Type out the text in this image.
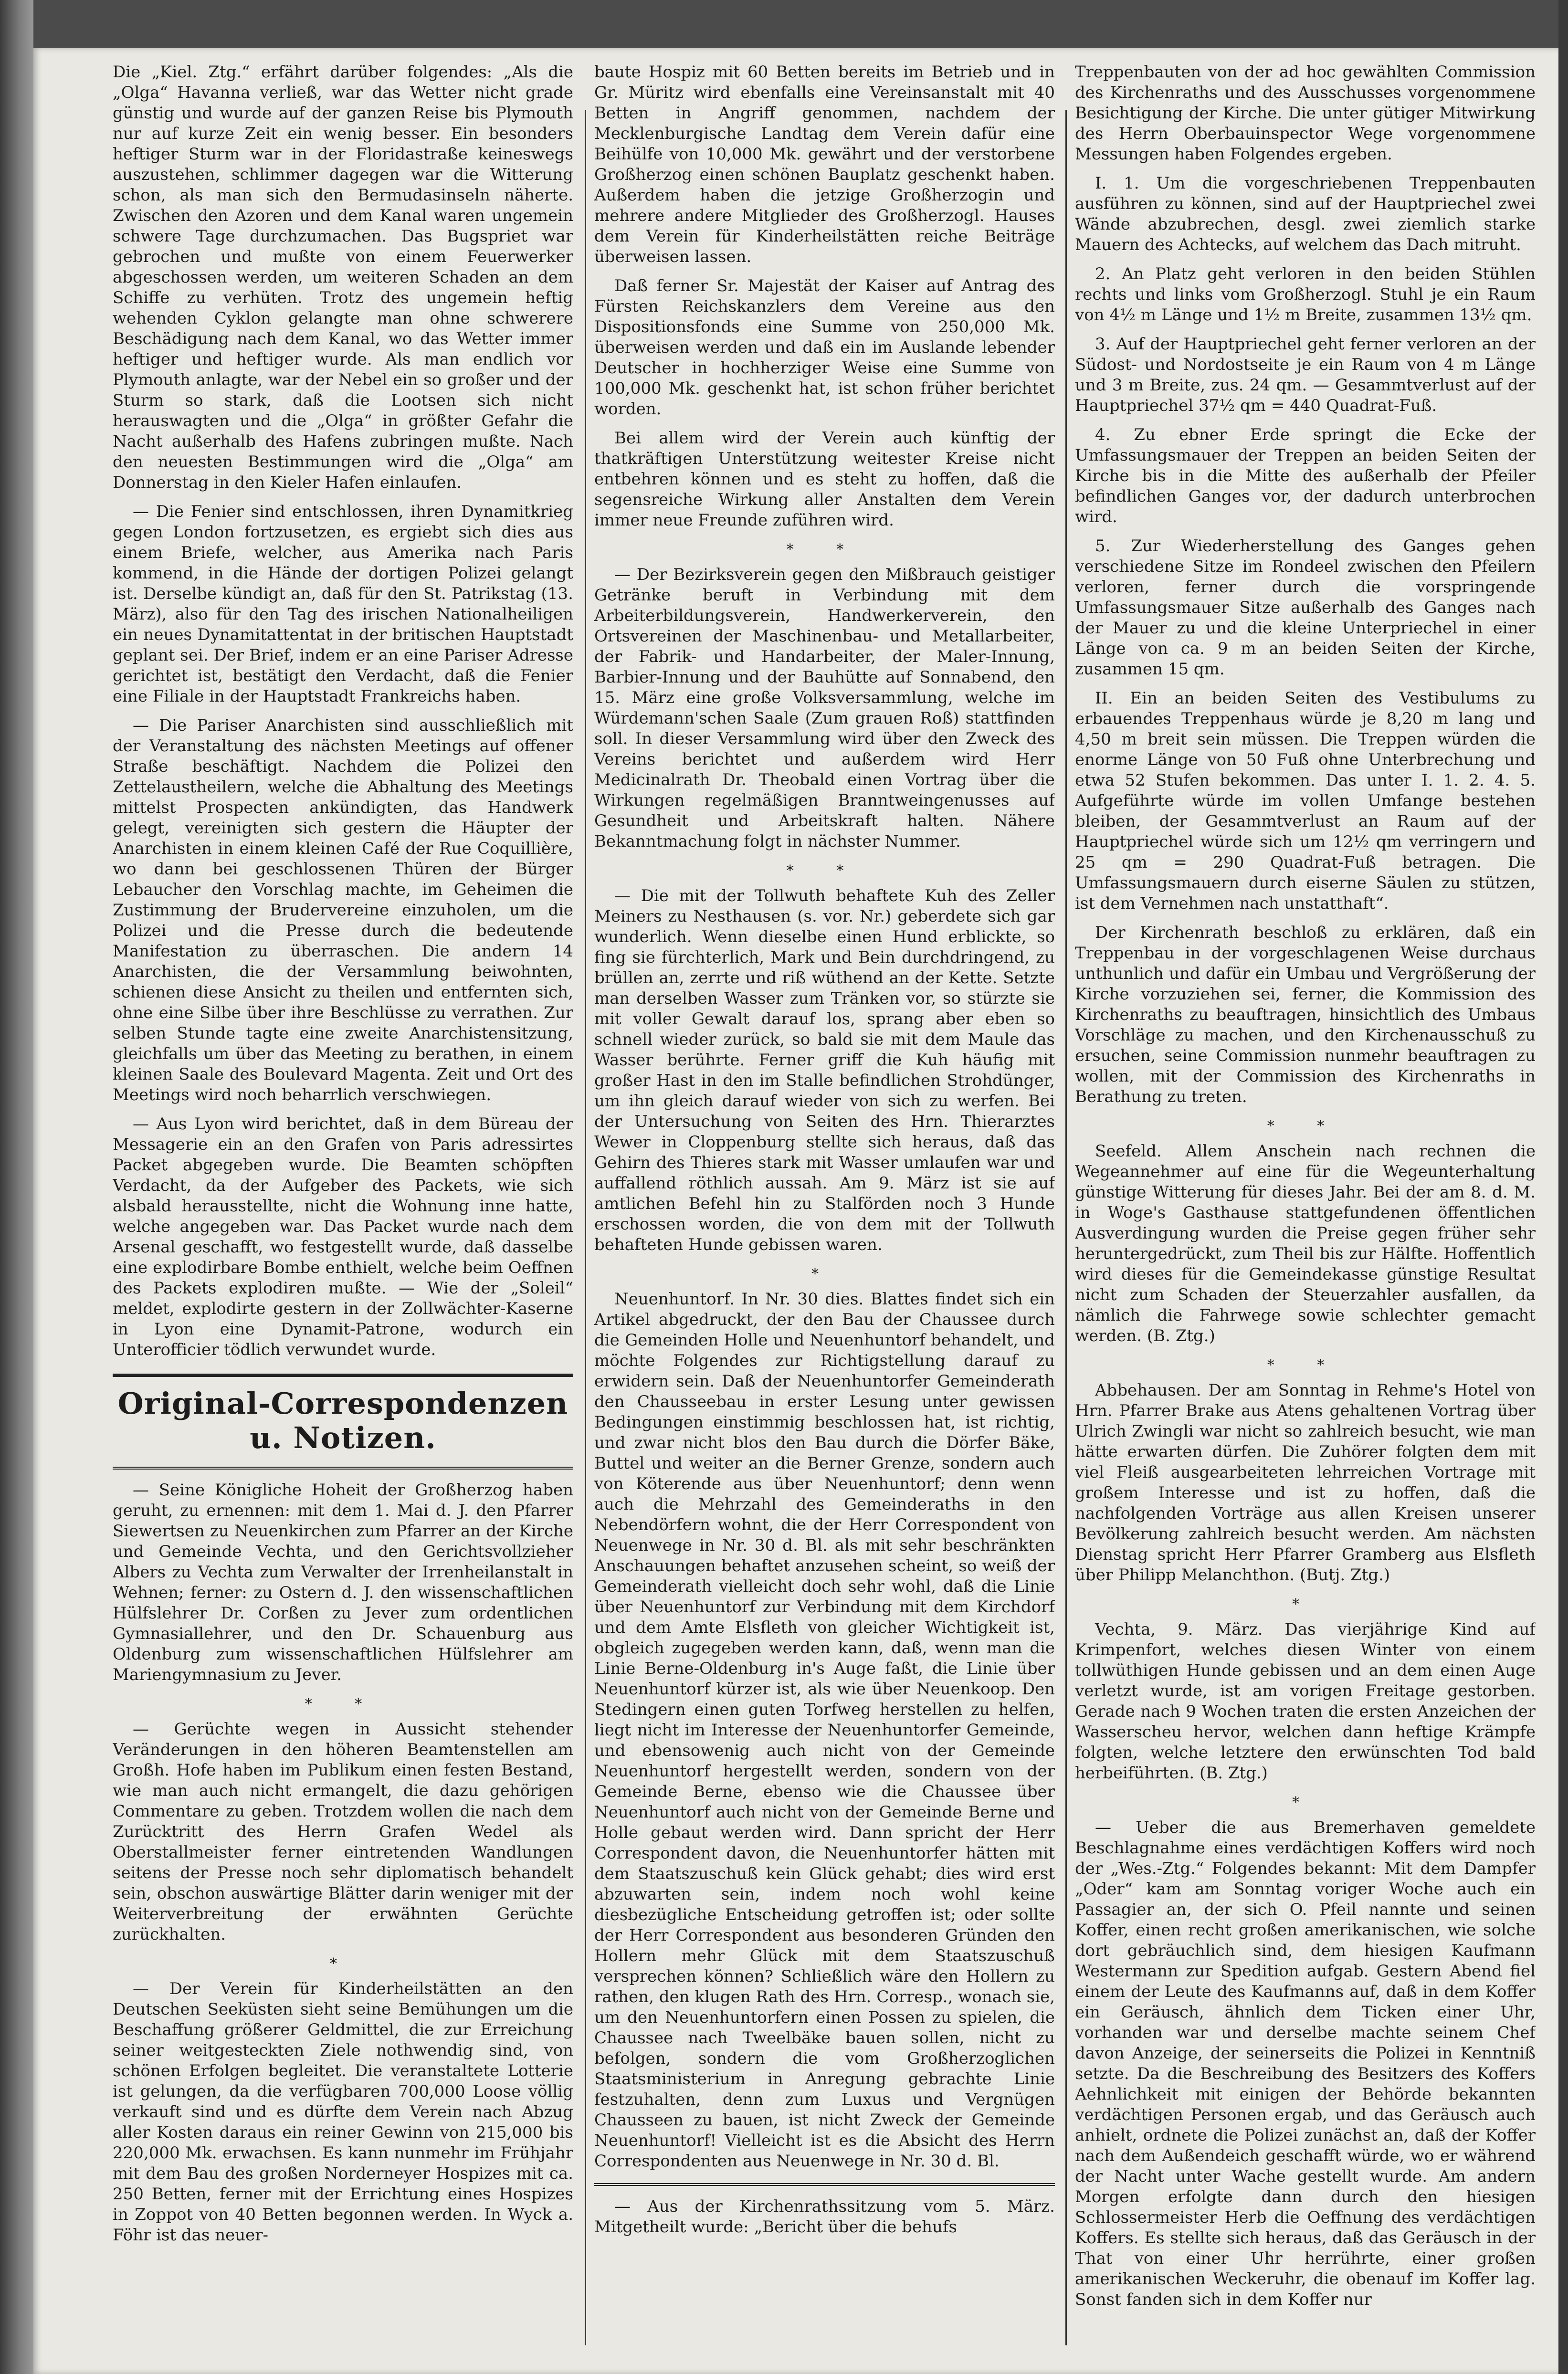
Die „Kiel. Ztg.“ erfährt darüber folgendes: „Als die „Olga“ Havanna verließ, war das Wetter nicht grade günstig und wurde auf der ganzen Reise bis Plymouth nur auf kurze Zeit ein wenig besser. Ein besonders heftiger Sturm war in der Floridastraße keineswegs auszustehen, schlimmer dagegen war die Witterung schon, als man sich den Bermudasinseln näherte. Zwischen den Azoren und dem Kanal waren ungemein schwere Tage durchzumachen. Das Bugspriet war gebrochen und mußte von einem Feuerwerker abgeschossen werden, um weiteren Schaden an dem Schiffe zu verhüten. Trotz des ungemein heftig wehenden Cyklon gelangte man ohne schwerere Beschädigung nach dem Kanal, wo das Wetter immer heftiger und heftiger wurde. Als man endlich vor Plymouth anlagte, war der Nebel ein so großer und der Sturm so stark, daß die Lootsen sich nicht herauswagten und die „Olga“ in größter Gefahr die Nacht außerhalb des Hafens zubringen mußte. Nach den neuesten Bestimmungen wird die „Olga“ am Donnerstag in den Kieler Hafen einlaufen.

— Die Fenier sind entschlossen, ihren Dynamitkrieg gegen London fortzusetzen, es ergiebt sich dies aus einem Briefe, welcher, aus Amerika nach Paris kommend, in die Hände der dortigen Polizei gelangt ist. Derselbe kündigt an, daß für den St. Patrikstag (13. März), also für den Tag des irischen Nationalheiligen ein neues Dynamitattentat in der britischen Hauptstadt geplant sei. Der Brief, indem er an eine Pariser Adresse gerichtet ist, bestätigt den Verdacht, daß die Fenier eine Filiale in der Hauptstadt Frankreichs haben.

— Die Pariser Anarchisten sind ausschließlich mit der Veranstaltung des nächsten Meetings auf offener Straße beschäftigt. Nachdem die Polizei den Zettelaustheilern, welche die Abhaltung des Meetings mittelst Prospecten ankündigten, das Handwerk gelegt, vereinigten sich gestern die Häupter der Anarchisten in einem kleinen Café der Rue Coquillière, wo dann bei geschlossenen Thüren der Bürger Lebaucher den Vorschlag machte, im Geheimen die Zustimmung der Brudervereine einzuholen, um die Polizei und die Presse durch die bedeutende Manifestation zu überraschen. Die andern 14 Anarchisten, die der Versammlung beiwohnten, schienen diese Ansicht zu theilen und entfernten sich, ohne eine Silbe über ihre Beschlüsse zu verrathen. Zur selben Stunde tagte eine zweite Anarchistensitzung, gleichfalls um über das Meeting zu berathen, in einem kleinen Saale des Boulevard Magenta. Zeit und Ort des Meetings wird noch beharrlich verschwiegen.

— Aus Lyon wird berichtet, daß in dem Büreau der Messagerie ein an den Grafen von Paris adressirtes Packet abgegeben wurde. Die Beamten schöpften Verdacht, da der Aufgeber des Packets, wie sich alsbald herausstellte, nicht die Wohnung inne hatte, welche angegeben war. Das Packet wurde nach dem Arsenal geschafft, wo festgestellt wurde, daß dasselbe eine explodirbare Bombe enthielt, welche beim Oeffnen des Packets explodiren mußte. — Wie der „Soleil“ meldet, explodirte gestern in der Zollwächter-Kaserne in Lyon eine Dynamit-Patrone, wodurch ein Unterofficier tödlich verwundet wurde.

Original-Correspondenzen u. Notizen.

— Seine Königliche Hoheit der Großherzog haben geruht, zu ernennen: mit dem 1. Mai d. J. den Pfarrer Siewertsen zu Neuenkirchen zum Pfarrer an der Kirche und Gemeinde Vechta, und den Gerichtsvollzieher Albers zu Vechta zum Verwalter der Irrenheilanstalt in Wehnen; ferner: zu Ostern d. J. den wissenschaftlichen Hülfslehrer Dr. Corßen zu Jever zum ordentlichen Gymnasiallehrer, und den Dr. Schauenburg aus Oldenburg zum wissenschaftlichen Hülfslehrer am Mariengymnasium zu Jever.

* *

— Gerüchte wegen in Aussicht stehender Veränderungen in den höheren Beamtenstellen am Großh. Hofe haben im Publikum einen festen Bestand, wie man auch nicht ermangelt, die dazu gehörigen Commentare zu geben. Trotzdem wollen die nach dem Zurücktritt des Herrn Grafen Wedel als Oberstallmeister ferner eintretenden Wandlungen seitens der Presse noch sehr diplomatisch behandelt sein, obschon auswärtige Blätter darin weniger mit der Weiterverbreitung der erwähnten Gerüchte zurückhalten.

*

— Der Verein für Kinderheilstätten an den Deutschen Seeküsten sieht seine Bemühungen um die Beschaffung größerer Geldmittel, die zur Erreichung seiner weitgesteckten Ziele nothwendig sind, von schönen Erfolgen begleitet. Die veranstaltete Lotterie ist gelungen, da die verfügbaren 700,000 Loose völlig verkauft sind und es dürfte dem Verein nach Abzug aller Kosten daraus ein reiner Gewinn von 215,000 bis 220,000 Mk. erwachsen. Es kann nunmehr im Frühjahr mit dem Bau des großen Norderneyer Hospizes mit ca. 250 Betten, ferner mit der Errichtung eines Hospizes in Zoppot von 40 Betten begonnen werden. In Wyck a. Föhr ist das neuer-

baute Hospiz mit 60 Betten bereits im Betrieb und in Gr. Müritz wird ebenfalls eine Vereinsanstalt mit 40 Betten in Angriff genommen, nachdem der Mecklenburgische Landtag dem Verein dafür eine Beihülfe von 10,000 Mk. gewährt und der verstorbene Großherzog einen schönen Bauplatz geschenkt haben. Außerdem haben die jetzige Großherzogin und mehrere andere Mitglieder des Großherzogl. Hauses dem Verein für Kinderheilstätten reiche Beiträge überweisen lassen.

Daß ferner Sr. Majestät der Kaiser auf Antrag des Fürsten Reichskanzlers dem Vereine aus den Dispositionsfonds eine Summe von 250,000 Mk. überweisen werden und daß ein im Auslande lebender Deutscher in hochherziger Weise eine Summe von 100,000 Mk. geschenkt hat, ist schon früher berichtet worden.

Bei allem wird der Verein auch künftig der thatkräftigen Unterstützung weitester Kreise nicht entbehren können und es steht zu hoffen, daß die segensreiche Wirkung aller Anstalten dem Verein immer neue Freunde zuführen wird.

* *

— Der Bezirksverein gegen den Mißbrauch geistiger Getränke beruft in Verbindung mit dem Arbeiterbildungsverein, Handwerkerverein, den Ortsvereinen der Maschinenbau- und Metallarbeiter, der Fabrik- und Handarbeiter, der Maler-Innung, Barbier-Innung und der Bauhütte auf Sonnabend, den 15. März eine große Volksversammlung, welche im Würdemann'schen Saale (Zum grauen Roß) stattfinden soll. In dieser Versammlung wird über den Zweck des Vereins berichtet und außerdem wird Herr Medicinalrath Dr. Theobald einen Vortrag über die Wirkungen regelmäßigen Branntweingenusses auf Gesundheit und Arbeitskraft halten. Nähere Bekanntmachung folgt in nächster Nummer.

* *

— Die mit der Tollwuth behaftete Kuh des Zeller Meiners zu Nesthausen (s. vor. Nr.) geberdete sich gar wunderlich. Wenn dieselbe einen Hund erblickte, so fing sie fürchterlich, Mark und Bein durchdringend, zu brüllen an, zerrte und riß wüthend an der Kette. Setzte man derselben Wasser zum Tränken vor, so stürzte sie mit voller Gewalt darauf los, sprang aber eben so schnell wieder zurück, so bald sie mit dem Maule das Wasser berührte. Ferner griff die Kuh häufig mit großer Hast in den im Stalle befindlichen Strohdünger, um ihn gleich darauf wieder von sich zu werfen. Bei der Untersuchung von Seiten des Hrn. Thierarztes Wewer in Cloppenburg stellte sich heraus, daß das Gehirn des Thieres stark mit Wasser umlaufen war und auffallend röthlich aussah. Am 9. März ist sie auf amtlichen Befehl hin zu Stalförden noch 3 Hunde erschossen worden, die von dem mit der Tollwuth behafteten Hunde gebissen waren.

*

Neuenhuntorf. In Nr. 30 dies. Blattes findet sich ein Artikel abgedruckt, der den Bau der Chaussee durch die Gemeinden Holle und Neuenhuntorf behandelt, und möchte Folgendes zur Richtigstellung darauf zu erwidern sein. Daß der Neuenhuntorfer Gemeinderath den Chausseebau in erster Lesung unter gewissen Bedingungen einstimmig beschlossen hat, ist richtig, und zwar nicht blos den Bau durch die Dörfer Bäke, Buttel und weiter an die Berner Grenze, sondern auch von Köterende aus über Neuenhuntorf; denn wenn auch die Mehrzahl des Gemeinderaths in den Nebendörfern wohnt, die der Herr Correspondent von Neuenwege in Nr. 30 d. Bl. als mit sehr beschränkten Anschauungen behaftet anzusehen scheint, so weiß der Gemeinderath vielleicht doch sehr wohl, daß die Linie über Neuenhuntorf zur Verbindung mit dem Kirchdorf und dem Amte Elsfleth von gleicher Wichtigkeit ist, obgleich zugegeben werden kann, daß, wenn man die Linie Berne-Oldenburg in's Auge faßt, die Linie über Neuenhuntorf kürzer ist, als wie über Neuenkoop. Den Stedingern einen guten Torfweg herstellen zu helfen, liegt nicht im Interesse der Neuenhuntorfer Gemeinde, und ebensowenig auch nicht von der Gemeinde Neuenhuntorf hergestellt werden, sondern von der Gemeinde Berne, ebenso wie die Chaussee über Neuenhuntorf auch nicht von der Gemeinde Berne und Holle gebaut werden wird. Dann spricht der Herr Correspondent davon, die Neuenhuntorfer hätten mit dem Staatszuschuß kein Glück gehabt; dies wird erst abzuwarten sein, indem noch wohl keine diesbezügliche Entscheidung getroffen ist; oder sollte der Herr Correspondent aus besonderen Gründen den Hollern mehr Glück mit dem Staatszuschuß versprechen können? Schließlich wäre den Hollern zu rathen, den klugen Rath des Hrn. Corresp., wonach sie, um den Neuenhuntorfern einen Possen zu spielen, die Chaussee nach Tweelbäke bauen sollen, nicht zu befolgen, sondern die vom Großherzoglichen Staatsministerium in Anregung gebrachte Linie festzuhalten, denn zum Luxus und Vergnügen Chausseen zu bauen, ist nicht Zweck der Gemeinde Neuenhuntorf! Vielleicht ist es die Absicht des Herrn Correspondenten aus Neuenwege in Nr. 30 d. Bl.

— Aus der Kirchenrathssitzung vom 5. März. Mitgetheilt wurde: „Bericht über die behufs

Treppenbauten von der ad hoc gewählten Commission des Kirchenraths und des Ausschusses vorgenommene Besichtigung der Kirche. Die unter gütiger Mitwirkung des Herrn Oberbauinspector Wege vorgenommene Messungen haben Folgendes ergeben.

I. 1. Um die vorgeschriebenen Treppenbauten ausführen zu können, sind auf der Hauptpriechel zwei Wände abzubrechen, desgl. zwei ziemlich starke Mauern des Achtecks, auf welchem das Dach mitruht.

2. An Platz geht verloren in den beiden Stühlen rechts und links vom Großherzogl. Stuhl je ein Raum von 4½ m Länge und 1½ m Breite, zusammen 13½ qm.

3. Auf der Hauptpriechel geht ferner verloren an der Südost- und Nordostseite je ein Raum von 4 m Länge und 3 m Breite, zus. 24 qm. — Gesammtverlust auf der Hauptpriechel 37½ qm = 440 Quadrat-Fuß.

4. Zu ebner Erde springt die Ecke der Umfassungsmauer der Treppen an beiden Seiten der Kirche bis in die Mitte des außerhalb der Pfeiler befindlichen Ganges vor, der dadurch unterbrochen wird.

5. Zur Wiederherstellung des Ganges gehen verschiedene Sitze im Rondeel zwischen den Pfeilern verloren, ferner durch die vorspringende Umfassungsmauer Sitze außerhalb des Ganges nach der Mauer zu und die kleine Unterpriechel in einer Länge von ca. 9 m an beiden Seiten der Kirche, zusammen 15 qm.

II. Ein an beiden Seiten des Vestibulums zu erbauendes Treppenhaus würde je 8,20 m lang und 4,50 m breit sein müssen. Die Treppen würden die enorme Länge von 50 Fuß ohne Unterbrechung und etwa 52 Stufen bekommen. Das unter I. 1. 2. 4. 5. Aufgeführte würde im vollen Umfange bestehen bleiben, der Gesammtverlust an Raum auf der Hauptpriechel würde sich um 12½ qm verringern und 25 qm = 290 Quadrat-Fuß betragen. Die Umfassungsmauern durch eiserne Säulen zu stützen, ist dem Vernehmen nach unstatthaft“.

Der Kirchenrath beschloß zu erklären, daß ein Treppenbau in der vorgeschlagenen Weise durchaus unthunlich und dafür ein Umbau und Vergrößerung der Kirche vorzuziehen sei, ferner, die Kommission des Kirchenraths zu beauftragen, hinsichtlich des Umbaus Vorschläge zu machen, und den Kirchenausschuß zu ersuchen, seine Commission nunmehr beauftragen zu wollen, mit der Commission des Kirchenraths in Berathung zu treten.

* *

Seefeld. Allem Anschein nach rechnen die Wegeannehmer auf eine für die Wegeunterhaltung günstige Witterung für dieses Jahr. Bei der am 8. d. M. in Woge's Gasthause stattgefundenen öffentlichen Ausverdingung wurden die Preise gegen früher sehr heruntergedrückt, zum Theil bis zur Hälfte. Hoffentlich wird dieses für die Gemeindekasse günstige Resultat nicht zum Schaden der Steuerzahler ausfallen, da nämlich die Fahrwege sowie schlechter gemacht werden. (B. Ztg.)

* *

Abbehausen. Der am Sonntag in Rehme's Hotel von Hrn. Pfarrer Brake aus Atens gehaltenen Vortrag über Ulrich Zwingli war nicht so zahlreich besucht, wie man hätte erwarten dürfen. Die Zuhörer folgten dem mit viel Fleiß ausgearbeiteten lehrreichen Vortrage mit großem Interesse und ist zu hoffen, daß die nachfolgenden Vorträge aus allen Kreisen unserer Bevölkerung zahlreich besucht werden. Am nächsten Dienstag spricht Herr Pfarrer Gramberg aus Elsfleth über Philipp Melanchthon. (Butj. Ztg.)

*

Vechta, 9. März. Das vierjährige Kind auf Krimpenfort, welches diesen Winter von einem tollwüthigen Hunde gebissen und an dem einen Auge verletzt wurde, ist am vorigen Freitage gestorben. Gerade nach 9 Wochen traten die ersten Anzeichen der Wasserscheu hervor, welchen dann heftige Krämpfe folgten, welche letztere den erwünschten Tod bald herbeiführten. (B. Ztg.)

*

— Ueber die aus Bremerhaven gemeldete Beschlagnahme eines verdächtigen Koffers wird noch der „Wes.-Ztg.“ Folgendes bekannt: Mit dem Dampfer „Oder“ kam am Sonntag voriger Woche auch ein Passagier an, der sich O. Pfeil nannte und seinen Koffer, einen recht großen amerikanischen, wie solche dort gebräuchlich sind, dem hiesigen Kaufmann Westermann zur Spedition aufgab. Gestern Abend fiel einem der Leute des Kaufmanns auf, daß in dem Koffer ein Geräusch, ähnlich dem Ticken einer Uhr, vorhanden war und derselbe machte seinem Chef davon Anzeige, der seinerseits die Polizei in Kenntniß setzte. Da die Beschreibung des Besitzers des Koffers Aehnlichkeit mit einigen der Behörde bekannten verdächtigen Personen ergab, und das Geräusch auch anhielt, ordnete die Polizei zunächst an, daß der Koffer nach dem Außendeich geschafft würde, wo er während der Nacht unter Wache gestellt wurde. Am andern Morgen erfolgte dann durch den hiesigen Schlossermeister Herb die Oeffnung des verdächtigen Koffers. Es stellte sich heraus, daß das Geräusch in der That von einer Uhr herrührte, einer großen amerikanischen Weckeruhr, die obenauf im Koffer lag. Sonst fanden sich in dem Koffer nur
